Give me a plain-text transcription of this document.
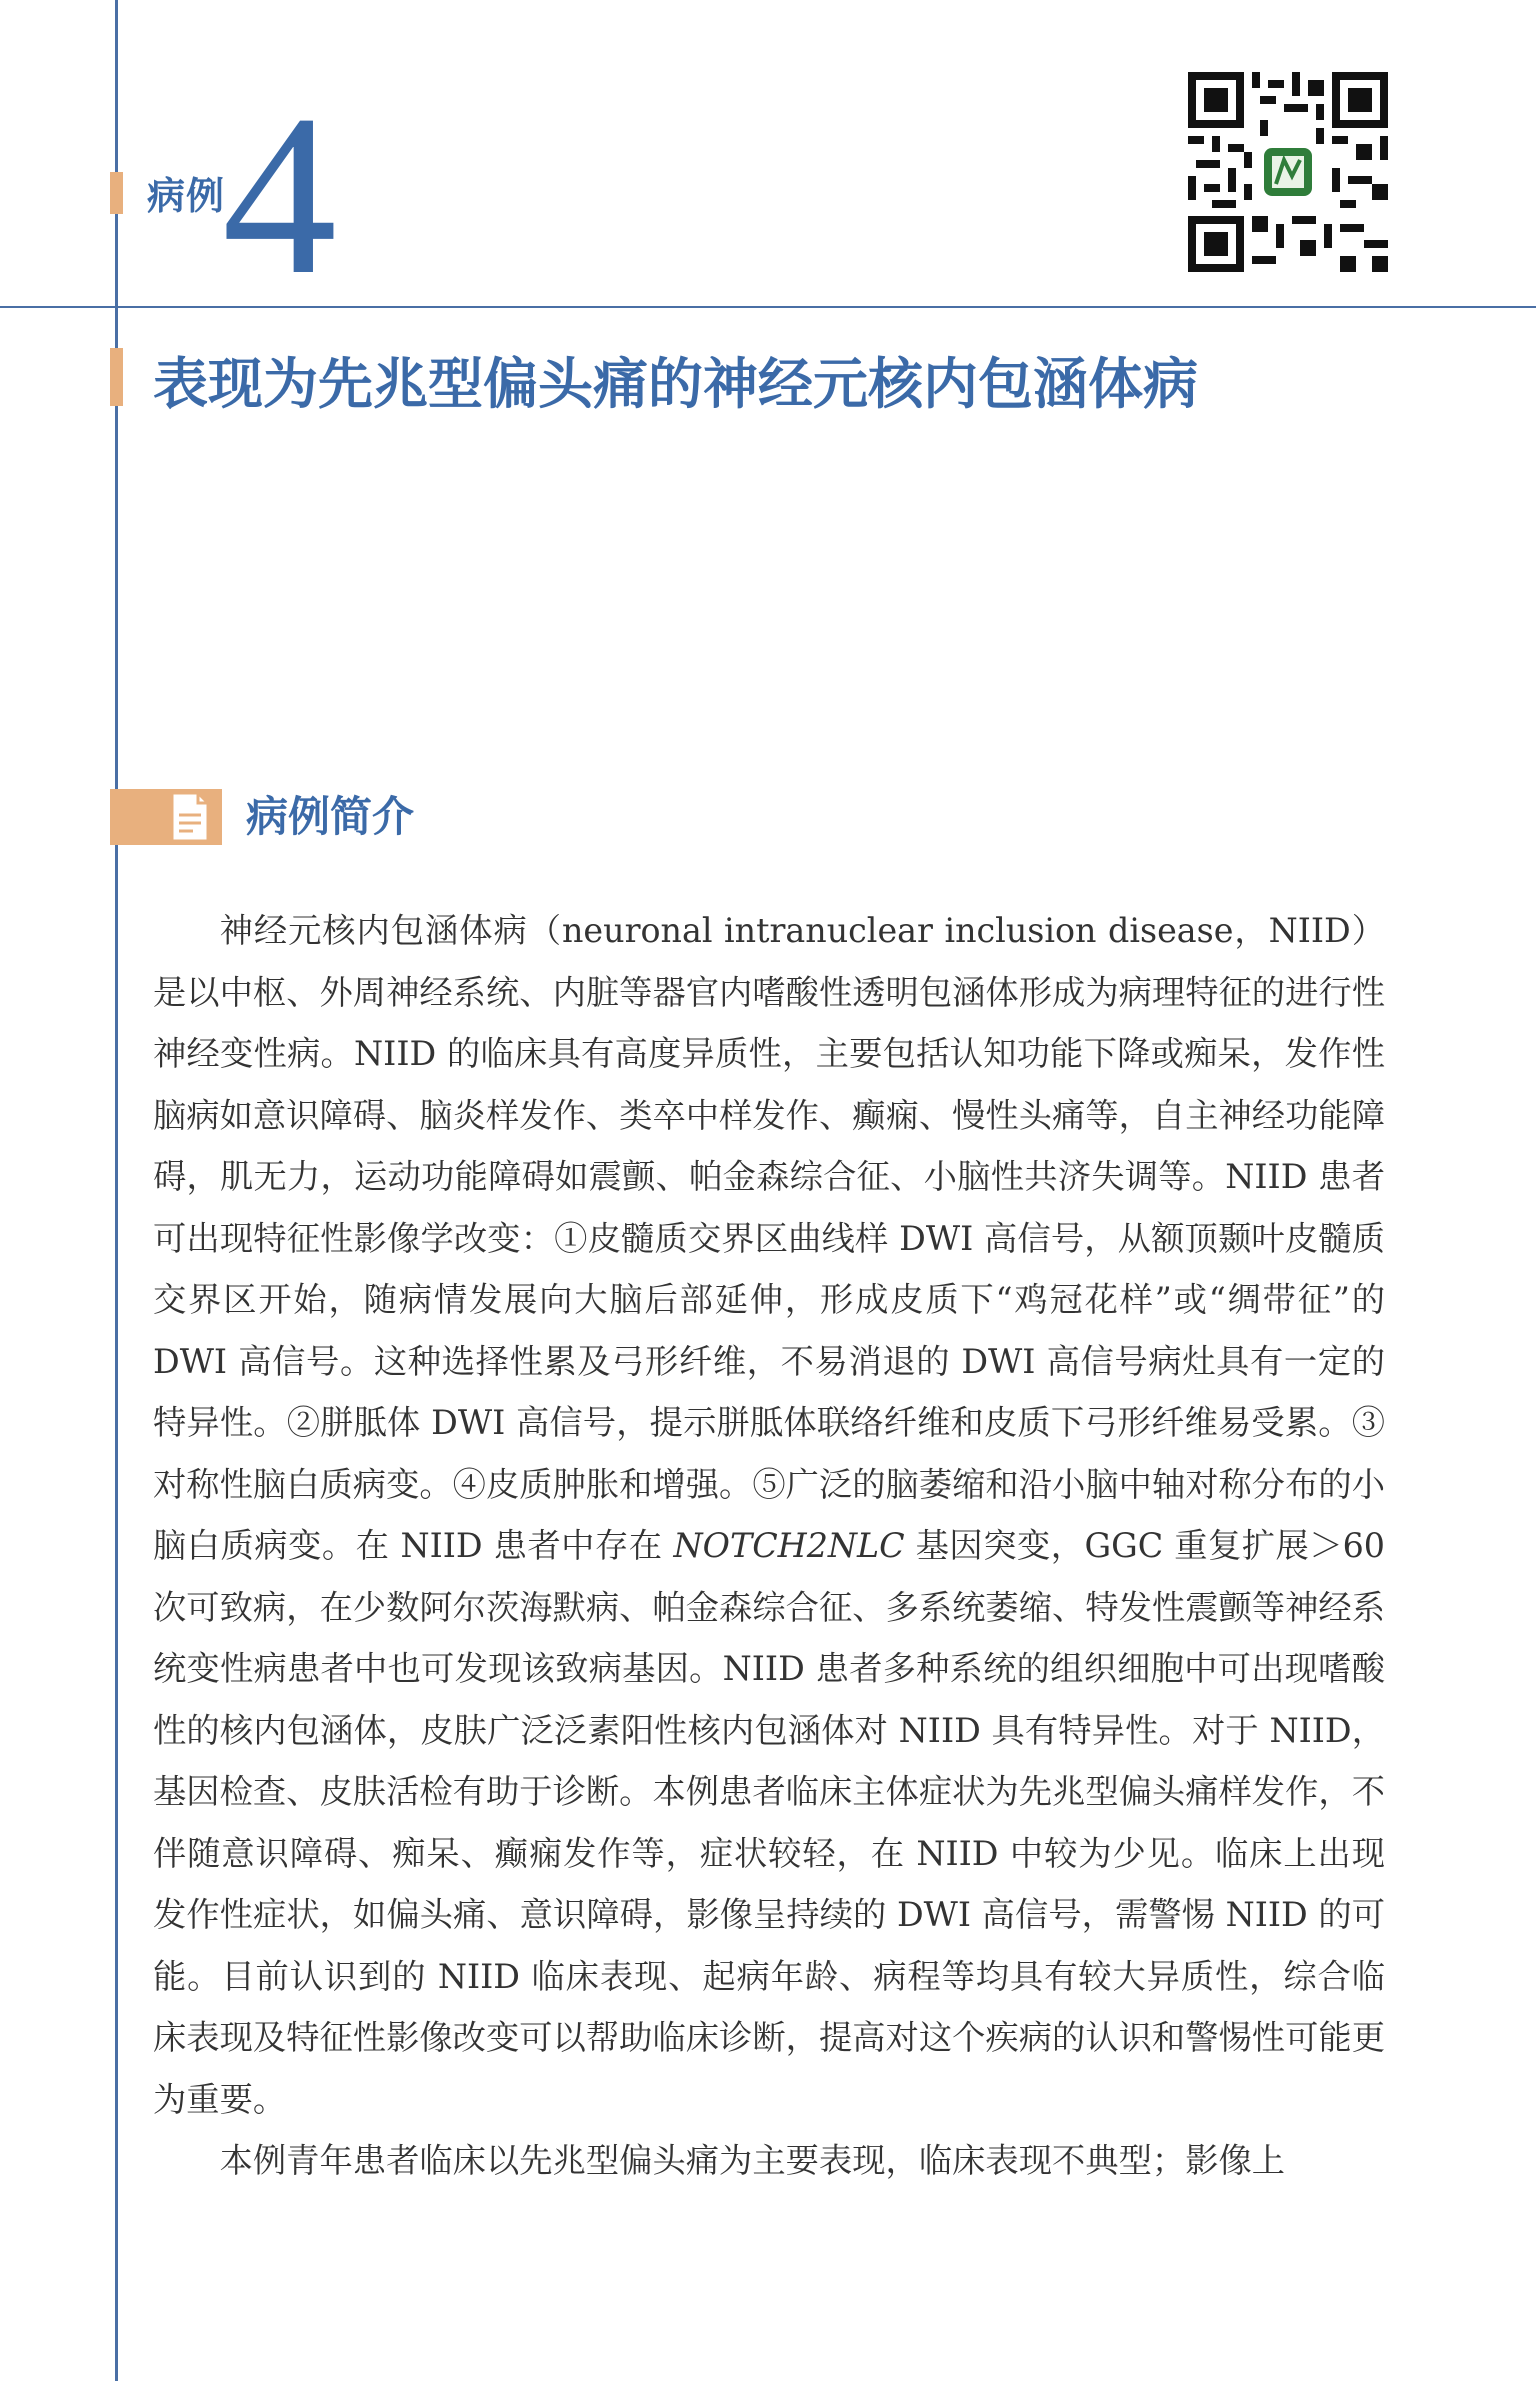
病例
4
表现为先兆型偏头痛的神经元核内包涵体病
病例简介

神经元核内包涵体病（neuronal intranuclear inclusion disease，NIID）是以中枢、外周神经系统、内脏等器官内嗜酸性透明包涵体形成为病理特征的进行性神经变性病。NIID 的临床具有高度异质性，主要包括认知功能下降或痴呆，发作性脑病如意识障碍、脑炎样发作、类卒中样发作、癫痫、慢性头痛等，自主神经功能障碍，肌无力，运动功能障碍如震颤、帕金森综合征、小脑性共济失调等。NIID 患者可出现特征性影像学改变：①皮髓质交界区曲线样 DWI 高信号，从额顶颞叶皮髓质交界区开始，随病情发展向大脑后部延伸，形成皮质下“鸡冠花样”或“绸带征”的 DWI 高信号。这种选择性累及弓形纤维，不易消退的 DWI 高信号病灶具有一定的特异性。②胼胝体 DWI 高信号，提示胼胝体联络纤维和皮质下弓形纤维易受累。③对称性脑白质病变。④皮质肿胀和增强。⑤广泛的脑萎缩和沿小脑中轴对称分布的小脑白质病变。在 NIID 患者中存在 NOTCH2NLC 基因突变，GGC 重复扩展＞60 次可致病，在少数阿尔茨海默病、帕金森综合征、多系统萎缩、特发性震颤等神经系统变性病患者中也可发现该致病基因。NIID 患者多种系统的组织细胞中可出现嗜酸性的核内包涵体，皮肤广泛泛素阳性核内包涵体对 NIID 具有特异性。对于 NIID，基因检查、皮肤活检有助于诊断。本例患者临床主体症状为先兆型偏头痛样发作，不伴随意识障碍、痴呆、癫痫发作等，症状较轻，在 NIID 中较为少见。临床上出现发作性症状，如偏头痛、意识障碍，影像呈持续的 DWI 高信号，需警惕 NIID 的可能。目前认识到的 NIID 临床表现、起病年龄、病程等均具有较大异质性，综合临床表现及特征性影像改变可以帮助临床诊断，提高对这个疾病的认识和警惕性可能更为重要。

本例青年患者临床以先兆型偏头痛为主要表现，临床表现不典型；影像上
